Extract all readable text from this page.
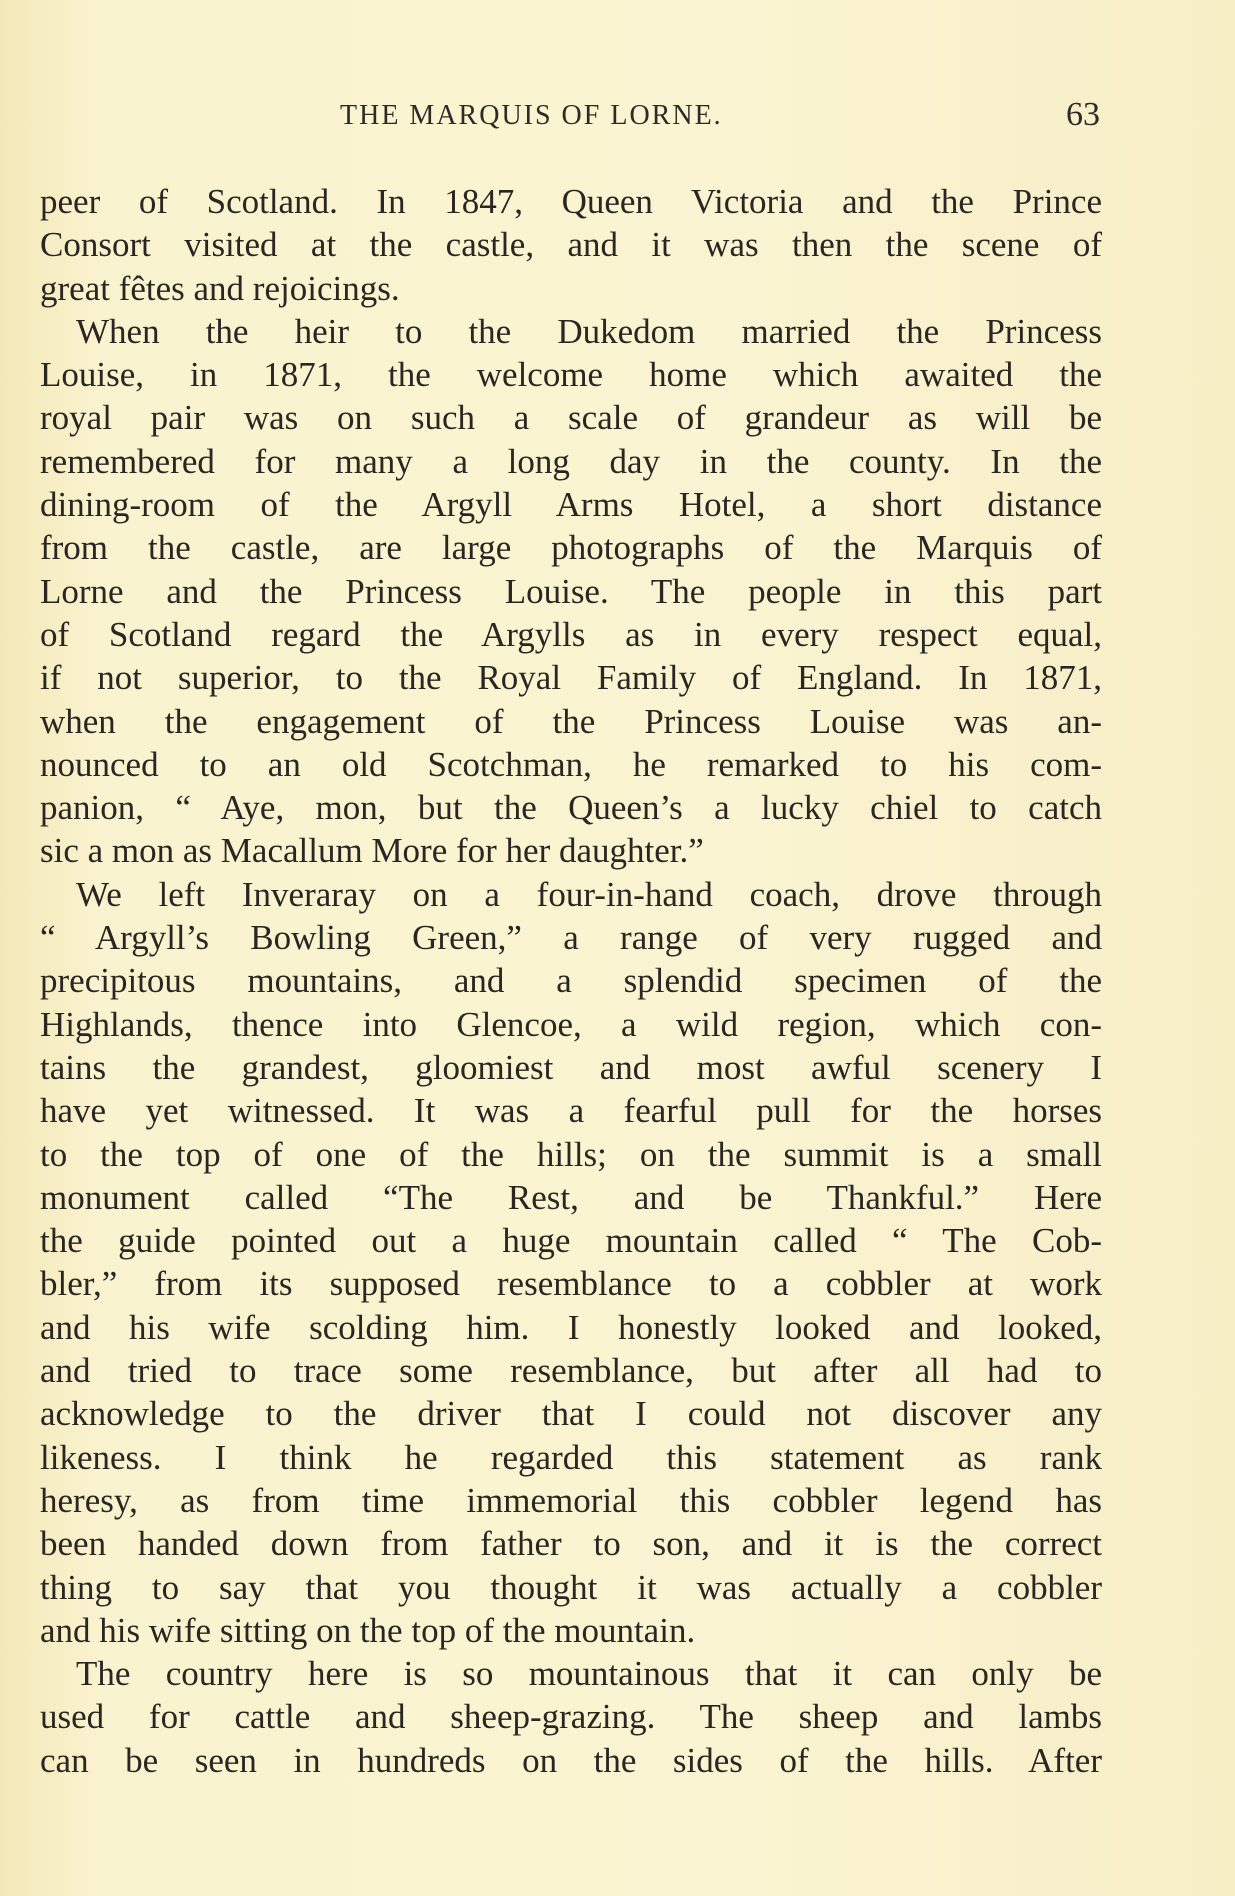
THE MARQUIS OF LORNE.	63
peer of Scotland. In 1847, Queen Victoria and the Prince
Consort visited at the castle, and it was then the scene of
great fêtes and rejoicings.
When the heir to the Dukedom married the Princess
Louise, in 1871, the welcome home which awaited the
royal pair was on such a scale of grandeur as will be
remembered for many a long day in the county. In the
dining-room of the Argyll Arms Hotel, a short distance
from the castle, are large photographs of the Marquis of
Lorne and the Princess Louise. The people in this part
of Scotland regard the Argylls as in every respect equal,
if not superior, to the Royal Family of England. In 1871,
when the engagement of the Princess Louise was an-
nounced to an old Scotchman, he remarked to his com-
panion, “ Aye, mon, but the Queen’s a lucky chiel to catch
sic a mon as Macallum More for her daughter.”
We left Inveraray on a four-in-hand coach, drove through
“ Argyll’s Bowling Green,” a range of very rugged and
precipitous mountains, and a splendid specimen of the
Highlands, thence into Glencoe, a wild region, which con-
tains the grandest, gloomiest and most awful scenery I
have yet witnessed. It was a fearful pull for the horses
to the top of one of the hills; on the summit is a small
monument called “The Rest, and be Thankful.” Here
the guide pointed out a huge mountain called “ The Cob-
bler,” from its supposed resemblance to a cobbler at work
and his wife scolding him. I honestly looked and looked,
and tried to trace some resemblance, but after all had to
acknowledge to the driver that I could not discover any
likeness. I think he regarded this statement as rank
heresy, as from time immemorial this cobbler legend has
been handed down from father to son, and it is the correct
thing to say that you thought it was actually a cobbler
and his wife sitting on the top of the mountain.
The country here is so mountainous that it can only be
used for cattle and sheep-grazing. The sheep and lambs
can be seen in hundreds on the sides of the hills. After
